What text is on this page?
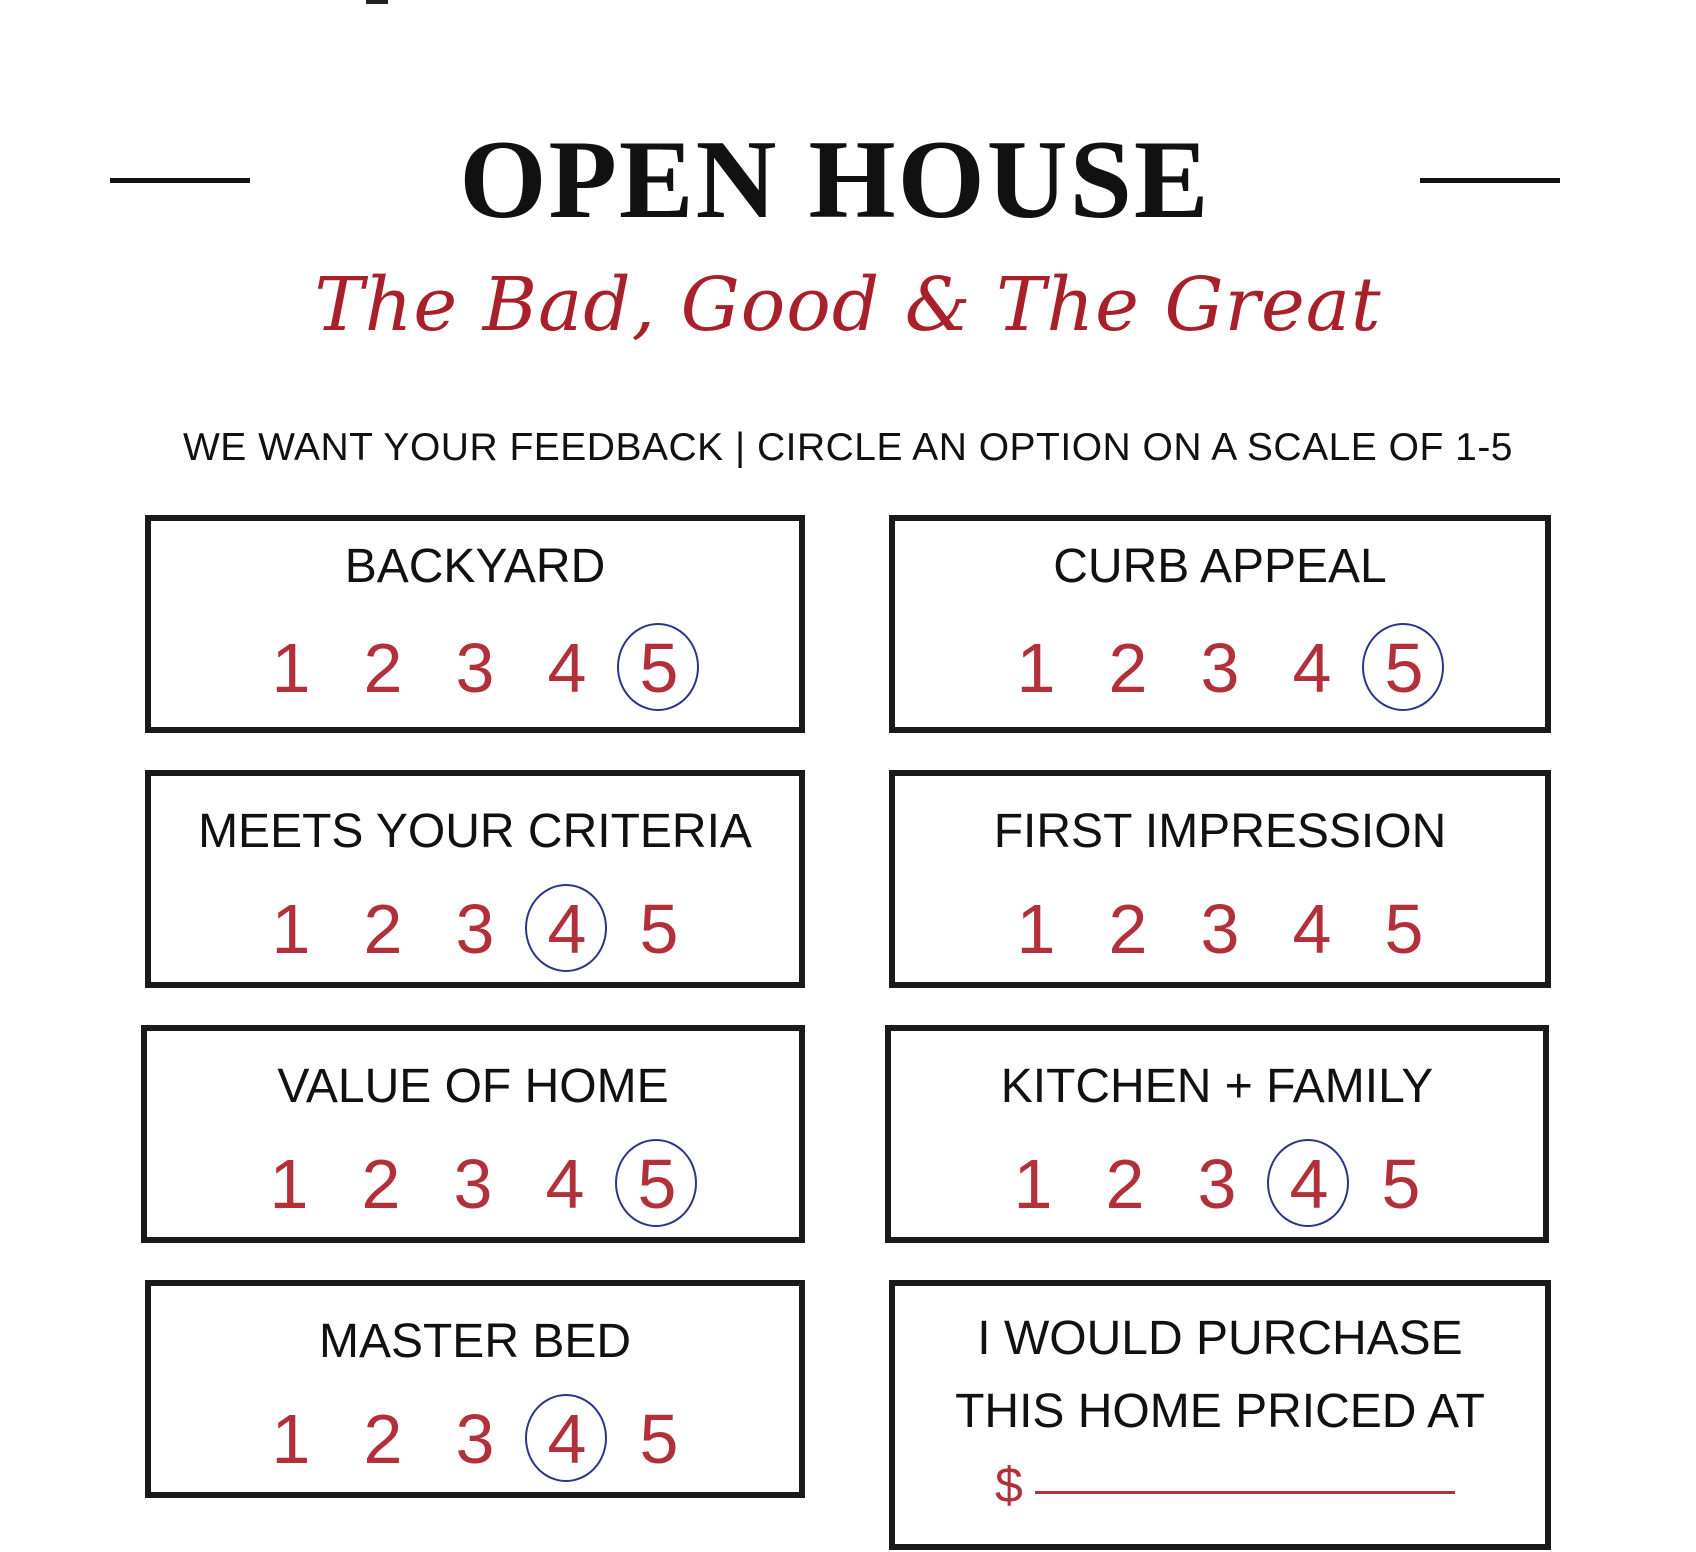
OPEN HOUSE
The Bad, Good & The Great
WE WANT YOUR FEEDBACK | CIRCLE AN OPTION ON A SCALE OF 1-5
BACKYARD
1 2 3 4 5
CURB APPEAL
1 2 3 4 5
MEETS YOUR CRITERIA
1 2 3 4 5
FIRST IMPRESSION
1 2 3 4 5
VALUE OF HOME
1 2 3 4 5
KITCHEN + FAMILY
1 2 3 4 5
MASTER BED
1 2 3 4 5
I WOULD PURCHASE
THIS HOME PRICED AT
$
